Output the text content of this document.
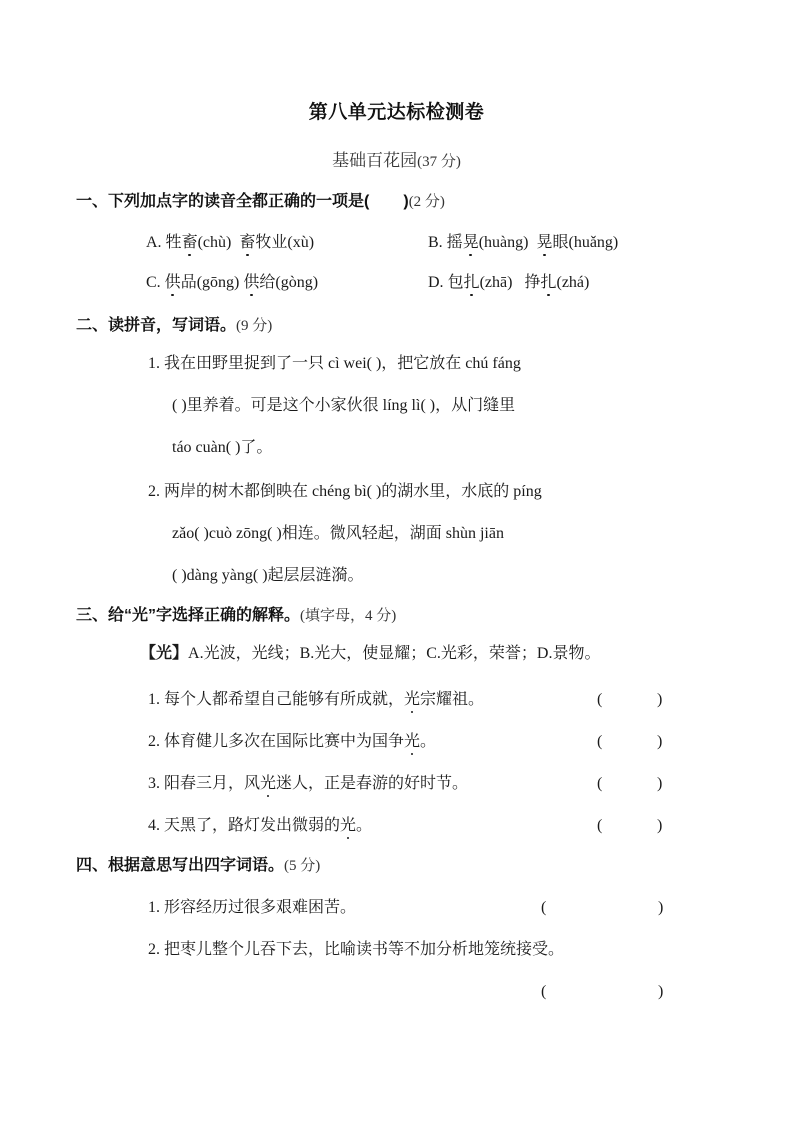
第八单元达标检测卷
基础百花园(37 分)
一、下列加点字的读音全都正确的一项是( )(2 分)
A. 牲畜(chù) 畜牧业(xù)	B. 摇晃(huàng) 晃眼(huǎng)
C. 供品(gōng) 供给(gòng)	D. 包扎(zhā) 挣扎(zhá)
二、读拼音，写词语。(9 分)
1. 我在田野里捉到了一只 cì wei( )，把它放在 chú fáng
( )里养着。可是这个小家伙很 líng lì( )，从门缝里
táo cuàn( )了。
2. 两岸的树木都倒映在 chéng bì( )的湖水里，水底的 píng
zǎo( )cuò zōng( )相连。微风轻起，湖面 shùn jiān
( )dàng yàng( )起层层涟漪。
三、给“光”字选择正确的解释。(填字母，4 分)
【光】A.光波，光线；B.光大，使显耀；C.光彩，荣誉；D.景物。
1. 每个人都希望自己能够有所成就，光宗耀祖。	(	)
2. 体育健儿多次在国际比赛中为国争光。	(	)
3. 阳春三月，风光迷人，正是春游的好时节。	(	)
4. 天黑了，路灯发出微弱的光。	(	)
四、根据意思写出四字词语。(5 分)
1. 形容经历过很多艰难困苦。	(	)
2. 把枣儿整个儿吞下去，比喻读书等不加分析地笼统接受。
(	)
